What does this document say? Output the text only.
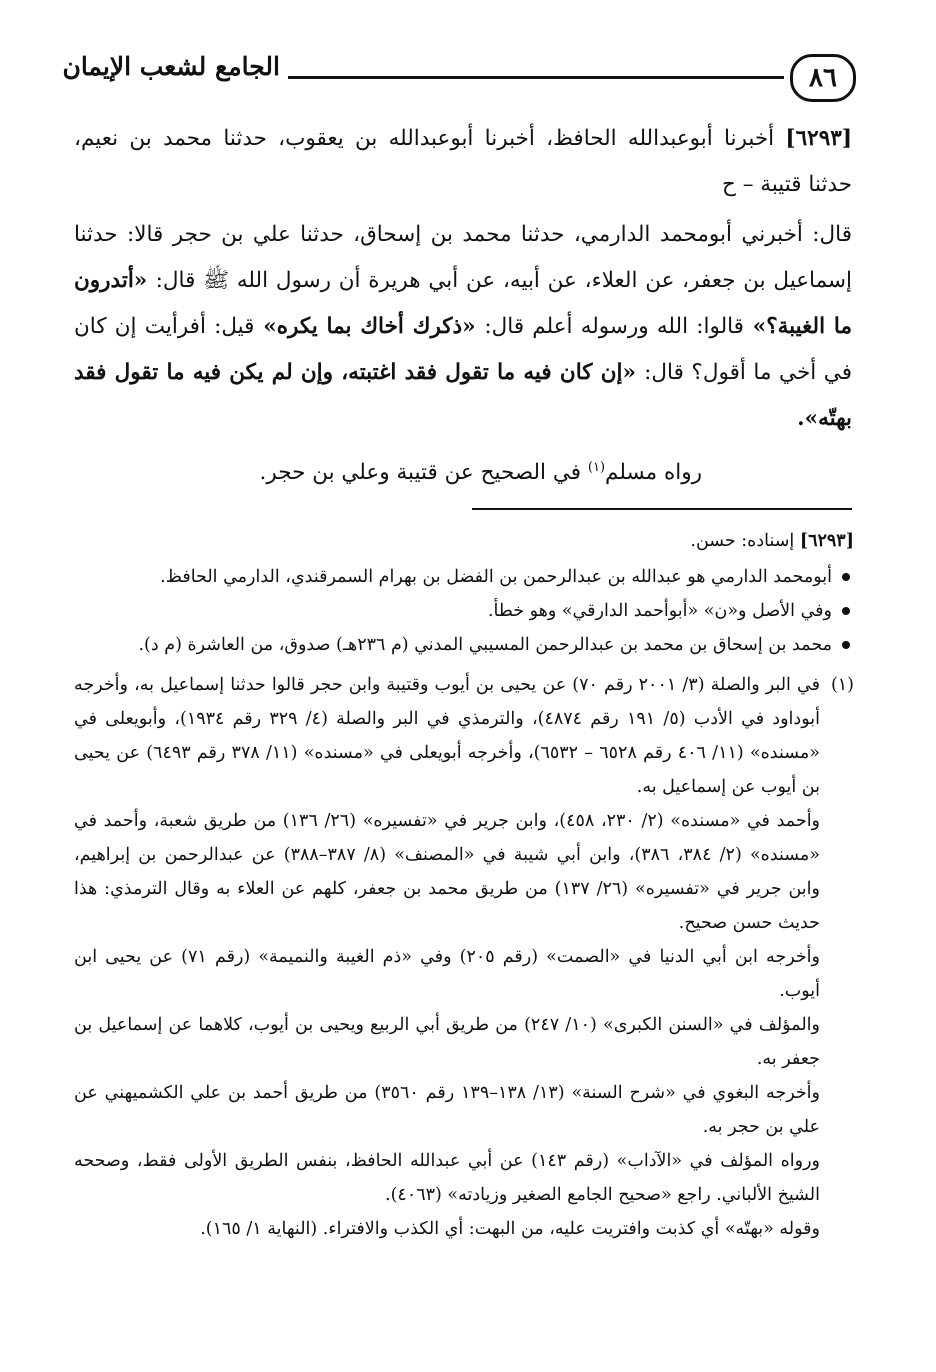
٨٦
الجامع لشعب الإيمان

[٦٢٩٣] أخبرنا أبوعبدالله الحافظ، أخبرنا أبوعبدالله بن يعقوب، حدثنا محمد بن نعيم، حدثنا قتيبة – ح

قال: أخبرني أبومحمد الدارمي، حدثنا محمد بن إسحاق، حدثنا علي بن حجر قالا: حدثنا إسماعيل بن جعفر، عن العلاء، عن أبيه، عن أبي هريرة أن رسول الله ﷺ قال: «أتدرون ما الغيبة؟» قالوا: الله ورسوله أعلم قال: «ذكرك أخاك بما يكره» قيل: أفرأيت إن كان في أخي ما أقول؟ قال: «إن كان فيه ما تقول فقد اغتبته، وإن لم يكن فيه ما تقول فقد بهتّه».

رواه مسلم$^{(١)}$ في الصحيح عن قتيبة وعلي بن حجر.

[٦٢٩٣] إسناده: حسن.

أبومحمد الدارمي هو عبدالله بن عبدالرحمن بن الفضل بن بهرام السمرقندي، الدارمي الحافظ.
وفي الأصل و«ن» «أبوأحمد الدارقي» وهو خطأ.
محمد بن إسحاق بن محمد بن عبدالرحمن المسيبي المدني (م ٢٣٦هـ) صدوق، من العاشرة (م د).
(١)

في البر والصلة (٣/ ٢٠٠١ رقم ٧٠) عن يحيى بن أيوب وقتيبة وابن حجر قالوا حدثنا إسماعيل به، وأخرجه أبوداود في الأدب (٥/ ١٩١ رقم ٤٨٧٤)، والترمذي في البر والصلة (٤/ ٣٢٩ رقم ١٩٣٤)، وأبويعلى في «مسنده» (١١/ ٤٠٦ رقم ٦٥٢٨ – ٦٥٣٢)، وأخرجه أبويعلى في «مسنده» (١١/ ٣٧٨ رقم ٦٤٩٣) عن يحيى بن أيوب عن إسماعيل به.

وأحمد في «مسنده» (٢/ ٢٣٠، ٤٥٨)، وابن جرير في «تفسيره» (٢٦/ ١٣٦) من طريق شعبة، وأحمد في «مسنده» (٢/ ٣٨٤، ٣٨٦)، وابن أبي شيبة في «المصنف» (٨/ ٣٨٧–٣٨٨) عن عبدالرحمن بن إبراهيم، وابن جرير في «تفسيره» (٢٦/ ١٣٧) من طريق محمد بن جعفر، كلهم عن العلاء به وقال الترمذي: هذا حديث حسن صحيح.

وأخرجه ابن أبي الدنيا في «الصمت» (رقم ٢٠٥) وفي «ذم الغيبة والنميمة» (رقم ٧١) عن يحيى ابن أيوب.

والمؤلف في «السنن الكبرى» (١٠/ ٢٤٧) من طريق أبي الربيع ويحيى بن أيوب، كلاهما عن إسماعيل بن جعفر به.

وأخرجه البغوي في «شرح السنة» (١٣/ ١٣٨–١٣٩ رقم ٣٥٦٠) من طريق أحمد بن علي الكشميهني عن علي بن حجر به.

ورواه المؤلف في «الآداب» (رقم ١٤٣) عن أبي عبدالله الحافظ، بنفس الطريق الأولى فقط، وصححه الشيخ الألباني. راجع «صحيح الجامع الصغير وزيادته» (٤٠٦٣).

وقوله «بهتّه» أي كذبت وافتريت عليه، من البهت: أي الكذب والافتراء. (النهاية ١/ ١٦٥).
